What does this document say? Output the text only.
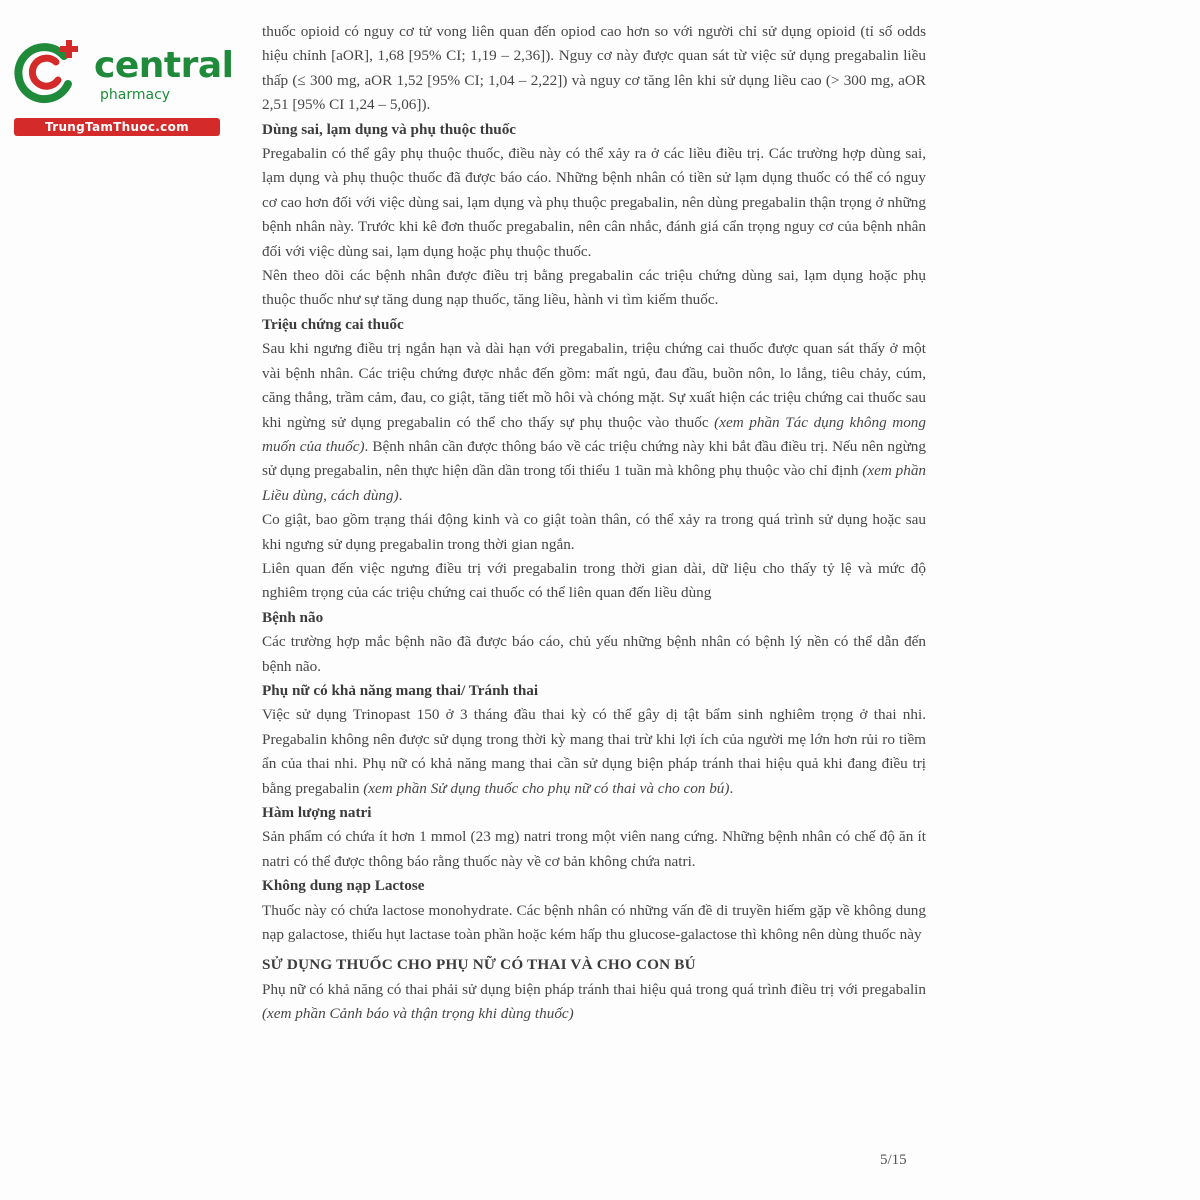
central
pharmacy
TrungTamThuoc.com

thuốc opioid có nguy cơ tử vong liên quan đến opiod cao hơn so với người chỉ sử dụng opioid (tỉ số odds hiệu chỉnh [aOR], 1,68 [95% CI; 1,19 – 2,36]). Nguy cơ này được quan sát từ việc sử dụng pregabalin liều thấp (≤ 300 mg, aOR 1,52 [95% CI; 1,04 – 2,22]) và nguy cơ tăng lên khi sử dụng liều cao (> 300 mg, aOR 2,51 [95% CI 1,24 – 5,06]).

Dùng sai, lạm dụng và phụ thuộc thuốc

Pregabalin có thể gây phụ thuộc thuốc, điều này có thể xảy ra ở các liều điều trị. Các trường hợp dùng sai, lạm dụng và phụ thuộc thuốc đã được báo cáo. Những bệnh nhân có tiền sử lạm dụng thuốc có thể có nguy cơ cao hơn đối với việc dùng sai, lạm dụng và phụ thuộc pregabalin, nên dùng pregabalin thận trọng ở những bệnh nhân này. Trước khi kê đơn thuốc pregabalin, nên cân nhắc, đánh giá cẩn trọng nguy cơ của bệnh nhân đối với việc dùng sai, lạm dụng hoặc phụ thuộc thuốc.

Nên theo dõi các bệnh nhân được điều trị bằng pregabalin các triệu chứng dùng sai, lạm dụng hoặc phụ thuộc thuốc như sự tăng dung nạp thuốc, tăng liều, hành vi tìm kiếm thuốc.

Triệu chứng cai thuốc

Sau khi ngưng điều trị ngắn hạn và dài hạn với pregabalin, triệu chứng cai thuốc được quan sát thấy ở một vài bệnh nhân. Các triệu chứng được nhắc đến gồm: mất ngủ, đau đầu, buồn nôn, lo lắng, tiêu chảy, cúm, căng thẳng, trầm cảm, đau, co giật, tăng tiết mồ hôi và chóng mặt. Sự xuất hiện các triệu chứng cai thuốc sau khi ngừng sử dụng pregabalin có thể cho thấy sự phụ thuộc vào thuốc (xem phần Tác dụng không mong muốn của thuốc). Bệnh nhân cần được thông báo về các triệu chứng này khi bắt đầu điều trị. Nếu nên ngừng sử dụng pregabalin, nên thực hiện dần dần trong tối thiểu 1 tuần mà không phụ thuộc vào chỉ định (xem phần Liều dùng, cách dùng).

Co giật, bao gồm trạng thái động kinh và co giật toàn thân, có thể xảy ra trong quá trình sử dụng hoặc sau khi ngưng sử dụng pregabalin trong thời gian ngắn.

Liên quan đến việc ngưng điều trị với pregabalin trong thời gian dài, dữ liệu cho thấy tỷ lệ và mức độ nghiêm trọng của các triệu chứng cai thuốc có thể liên quan đến liều dùng

Bệnh não

Các trường hợp mắc bệnh não đã được báo cáo, chủ yếu những bệnh nhân có bệnh lý nền có thể dẫn đến bệnh não.

Phụ nữ có khả năng mang thai/ Tránh thai

Việc sử dụng Trinopast 150 ở 3 tháng đầu thai kỳ có thể gây dị tật bẩm sinh nghiêm trọng ở thai nhi. Pregabalin không nên được sử dụng trong thời kỳ mang thai trừ khi lợi ích của người mẹ lớn hơn rủi ro tiềm ẩn của thai nhi. Phụ nữ có khả năng mang thai cần sử dụng biện pháp tránh thai hiệu quả khi đang điều trị bằng pregabalin (xem phần Sử dụng thuốc cho phụ nữ có thai và cho con bú).

Hàm lượng natri

Sản phẩm có chứa ít hơn 1 mmol (23 mg) natri trong một viên nang cứng. Những bệnh nhân có chế độ ăn ít natri có thể được thông báo rằng thuốc này về cơ bản không chứa natri.

Không dung nạp Lactose

Thuốc này có chứa lactose monohydrate. Các bệnh nhân có những vấn đề di truyền hiếm gặp về không dung nạp galactose, thiếu hụt lactase toàn phần hoặc kém hấp thu glucose-galactose thì không nên dùng thuốc này

SỬ DỤNG THUỐC CHO PHỤ NỮ CÓ THAI VÀ CHO CON BÚ

Phụ nữ có khả năng có thai phải sử dụng biện pháp tránh thai hiệu quả trong quá trình điều trị với pregabalin (xem phần Cảnh báo và thận trọng khi dùng thuốc)

5/15
